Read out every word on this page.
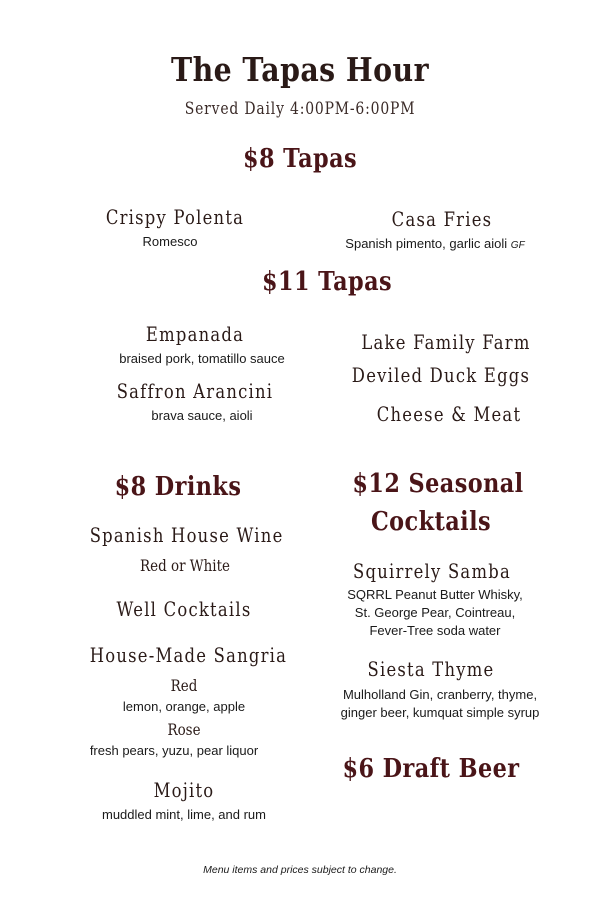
The Tapas Hour
Served Daily 4:00PM-6:00PM
$8 Tapas
Crispy Polenta
Romesco
Casa Fries
Spanish pimento, garlic aioli GF
$11 Tapas
Empanada
braised pork, tomatillo sauce
Saffron Arancini
brava sauce, aioli
Lake Family Farm
Deviled Duck Eggs
Cheese & Meat
$8 Drinks
Spanish House Wine
Red or White
Well Cocktails
House-Made Sangria
Red
lemon, orange, apple
Rose
fresh pears, yuzu, pear liquor
Mojito
muddled mint, lime, and rum
$12 Seasonal
Cocktails
Squirrely Samba
SQRRL Peanut Butter Whisky,
St. George Pear, Cointreau,
Fever-Tree soda water
Siesta Thyme
Mulholland Gin, cranberry, thyme,
ginger beer, kumquat simple syrup
$6 Draft Beer
Menu items and prices subject to change.
